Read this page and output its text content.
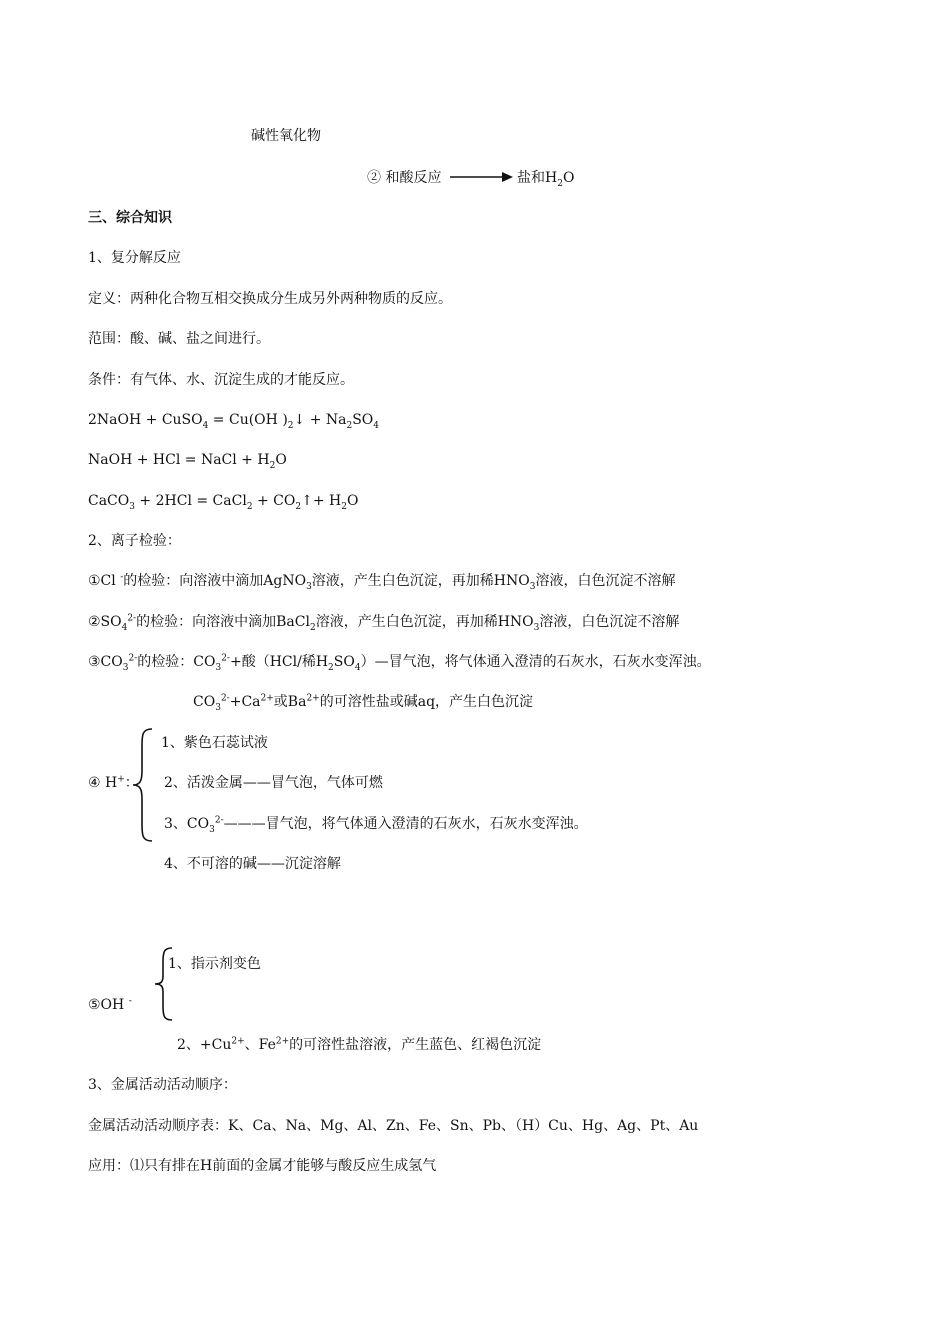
碱性氧化物
② 和酸反应	盐和$H_2O$
三、综合知识
1、复分解反应
定义：两种化合物互相交换成分生成另外两种物质的反应。
范围：酸、碱、盐之间进行。
条件：有气体、水、沉淀生成的才能反应。
2NaOH + CuSO$_4$ = Cu(OH )$_2↓ + Na_2SO_4$
NaOH + HCl = NaCl + $H_2O$
CaCO$_3$ + 2HCl = CaCl$_2$ + $CO_2↑+ H_2O$
2、离子检验：
①Cl -的检验：向溶液中滴加AgNO$_3$溶液，产生白色沉淀，再加稀$HNO_3$溶液，白色沉淀不溶解
$②SO_4^{2-}$的检验：向溶液中滴加BaCl$_2$溶液，产生白色沉淀，再加稀$HNO_3$溶液，白色沉淀不溶解
$③CO_3^{2-}$的检验：$CO_3^{2-}+$酸（HCl/稀$H_2SO_4)—$冒气泡，将气体通入澄清的石灰水，石灰水变浑浊。
$CO_3^{2-}+Ca^{2+}$或$Ba^{2+}$的可溶性盐或碱aq，产生白色沉淀
④ H+：
1、紫色石蕊试液
2、活泼金属——冒气泡，气体可燃
3、$CO_3^{2-}———$冒气泡，将气体通入澄清的石灰水，石灰水变浑浊。
4、不可溶的碱——沉淀溶解
1、指示剂变色
⑤OH -
2、$+Cu^{2+}$、$Fe^{2+}$的可溶性盐溶液，产生蓝色、红褐色沉淀
3、金属活动活动顺序：
金属活动活动顺序表：K、Ca、Na、Mg、Al、Zn、Fe、Sn、Pb、（H）Cu、Hg、Ag、Pt、Au
应用：⑴只有排在H前面的金属才能够与酸反应生成氢气
